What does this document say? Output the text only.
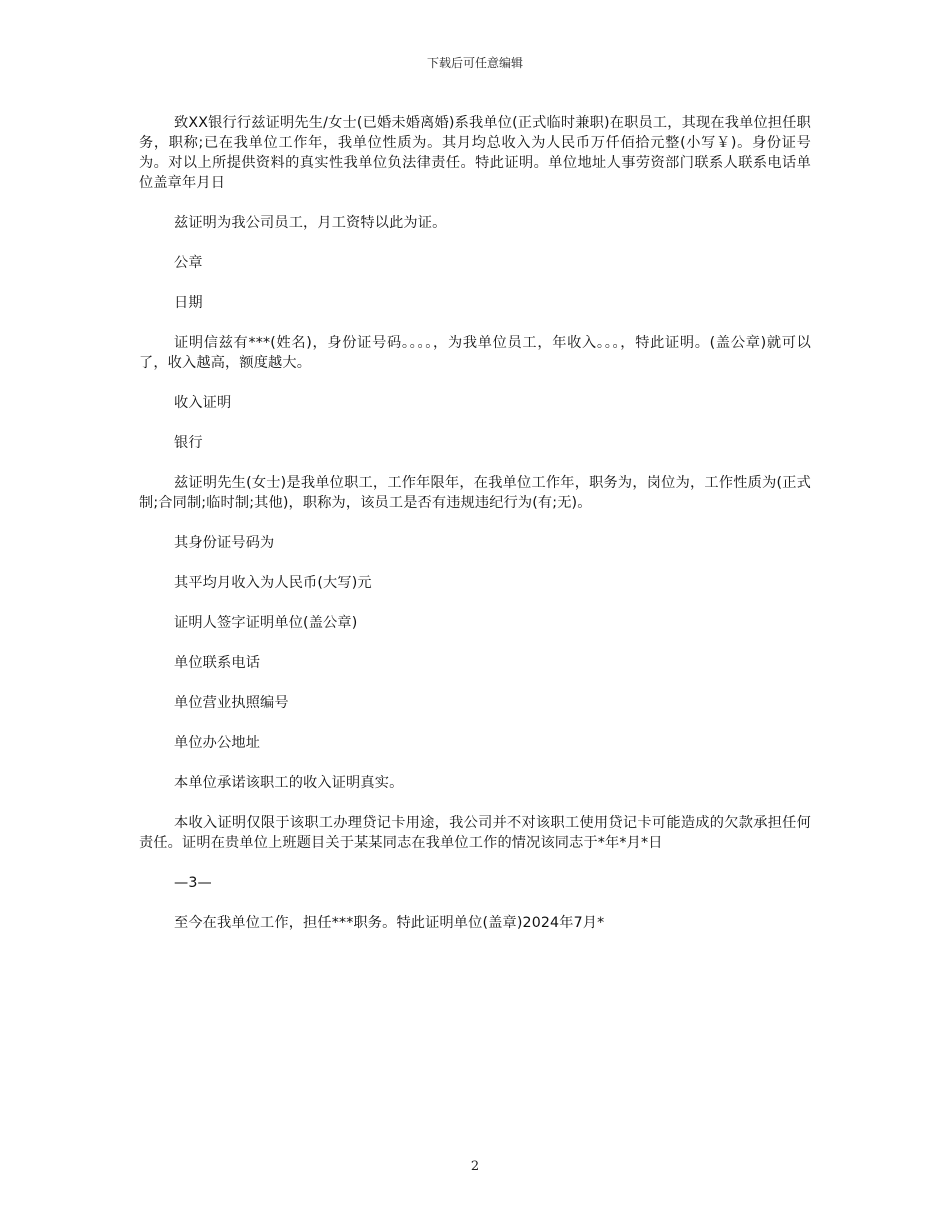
下载后可任意编辑

致XX银行行兹证明先生/女士(已婚未婚离婚)系我单位(正式临时兼职)在职员工，其现在我单位担任职务，职称;已在我单位工作年，我单位性质为。其月均总收入为人民币万仟佰拾元整(小写￥)。身份证号为。对以上所提供资料的真实性我单位负法律责任。特此证明。单位地址人事劳资部门联系人联系电话单位盖章年月日

兹证明为我公司员工，月工资特以此为证。

公章

日期

证明信兹有***(姓名)，身份证号码。。。。，为我单位员工，年收入。。。，特此证明。(盖公章)就可以了，收入越高，额度越大。

收入证明

银行

兹证明先生(女士)是我单位职工，工作年限年，在我单位工作年，职务为，岗位为，工作性质为(正式制;合同制;临时制;其他)，职称为，该员工是否有违规违纪行为(有;无)。

其身份证号码为

其平均月收入为人民币(大写)元

证明人签字证明单位(盖公章)

单位联系电话

单位营业执照编号

单位办公地址

本单位承诺该职工的收入证明真实。

本收入证明仅限于该职工办理贷记卡用途，我公司并不对该职工使用贷记卡可能造成的欠款承担任何责任。证明在贵单位上班题目关于某某同志在我单位工作的情况该同志于*年*月*日

—3—

至今在我单位工作，担任***职务。特此证明单位(盖章)2024年7月*

2
